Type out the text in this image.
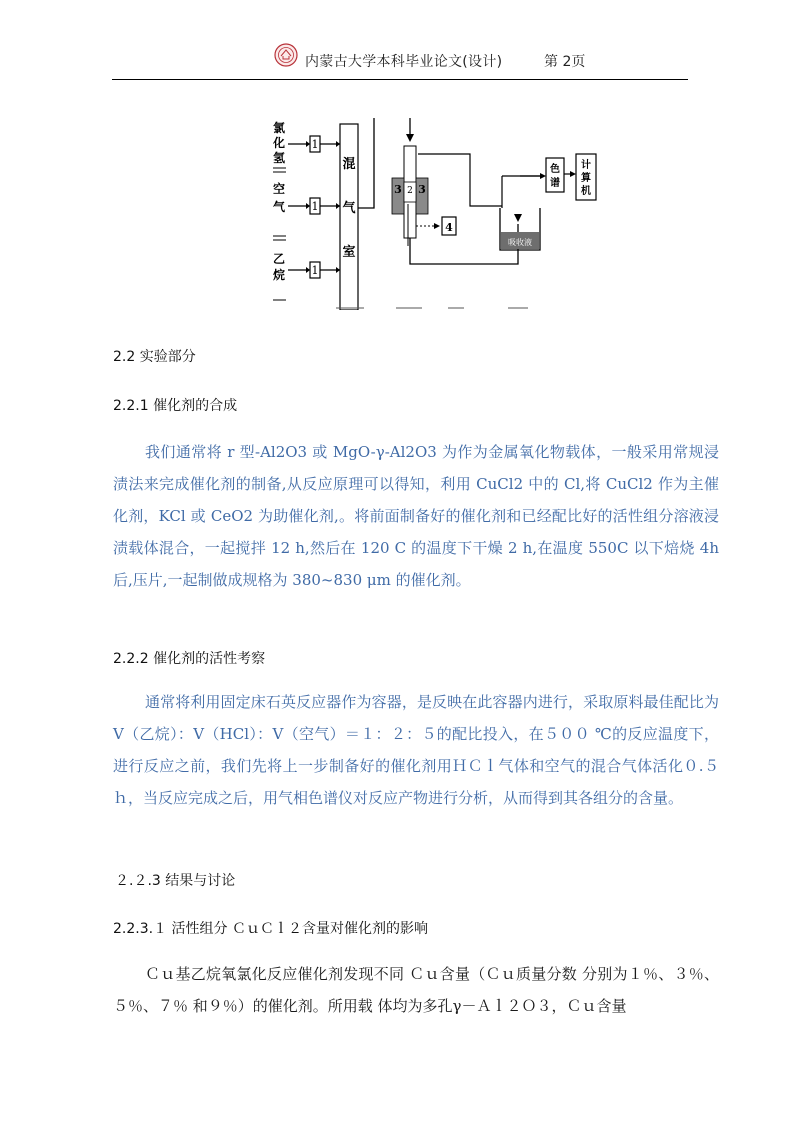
内蒙古大学本科毕业论文(设计)	第 2页
氯化氢
空气
乙烷
1
1
1
混气室
3 2 3
4
吸收液
色谱
计算机
2.2 实验部分
2.2.1 催化剂的合成

我们通常将 r 型-Al2O3 或 MgO-γ-Al2O3 为作为金属氧化物载体，一般采用常规浸渍法来完成催化剂的制备,从反应原理可以得知，利用 CuCl2 中的 Cl,将 CuCl2 作为主催化剂，KCl 或 CeO2 为助催化剂,。将前面制备好的催化剂和已经配比好的活性组分溶液浸渍载体混合，一起搅拌 12 h,然后在 120 C 的温度下干燥 2 h,在温度 550C 以下焙烧 4h后,压片,一起制做成规格为 380~830 μm 的催化剂。

2.2.2 催化剂的活性考察

通常将利用固定床石英反应器作为容器，是反映在此容器内进行，采取原料最佳配比为 V（乙烷）：V（HCl）：V（空气）＝１：２：５的配比投入，在５００ ℃的反应温度下，进行反应之前，我们先将上一步制备好的催化剂用ＨＣｌ气体和空气的混合气体活化０.５ｈ，当反应完成之后，用气相色谱仪对反应产物进行分析，从而得到其各组分的含量。

２.２.3 结果与讨论
2.2.3.１ 活性组分 ＣｕＣｌ２含量对催化剂的影响

Ｃｕ基乙烷氧氯化反应催化剂发现不同 Ｃｕ含量（Ｃｕ质量分数 分别为１％、３％、５％、７％ 和９％）的催化剂。所用载 体均为多孔γ－Ａｌ２Ｏ３，Ｃｕ含量
